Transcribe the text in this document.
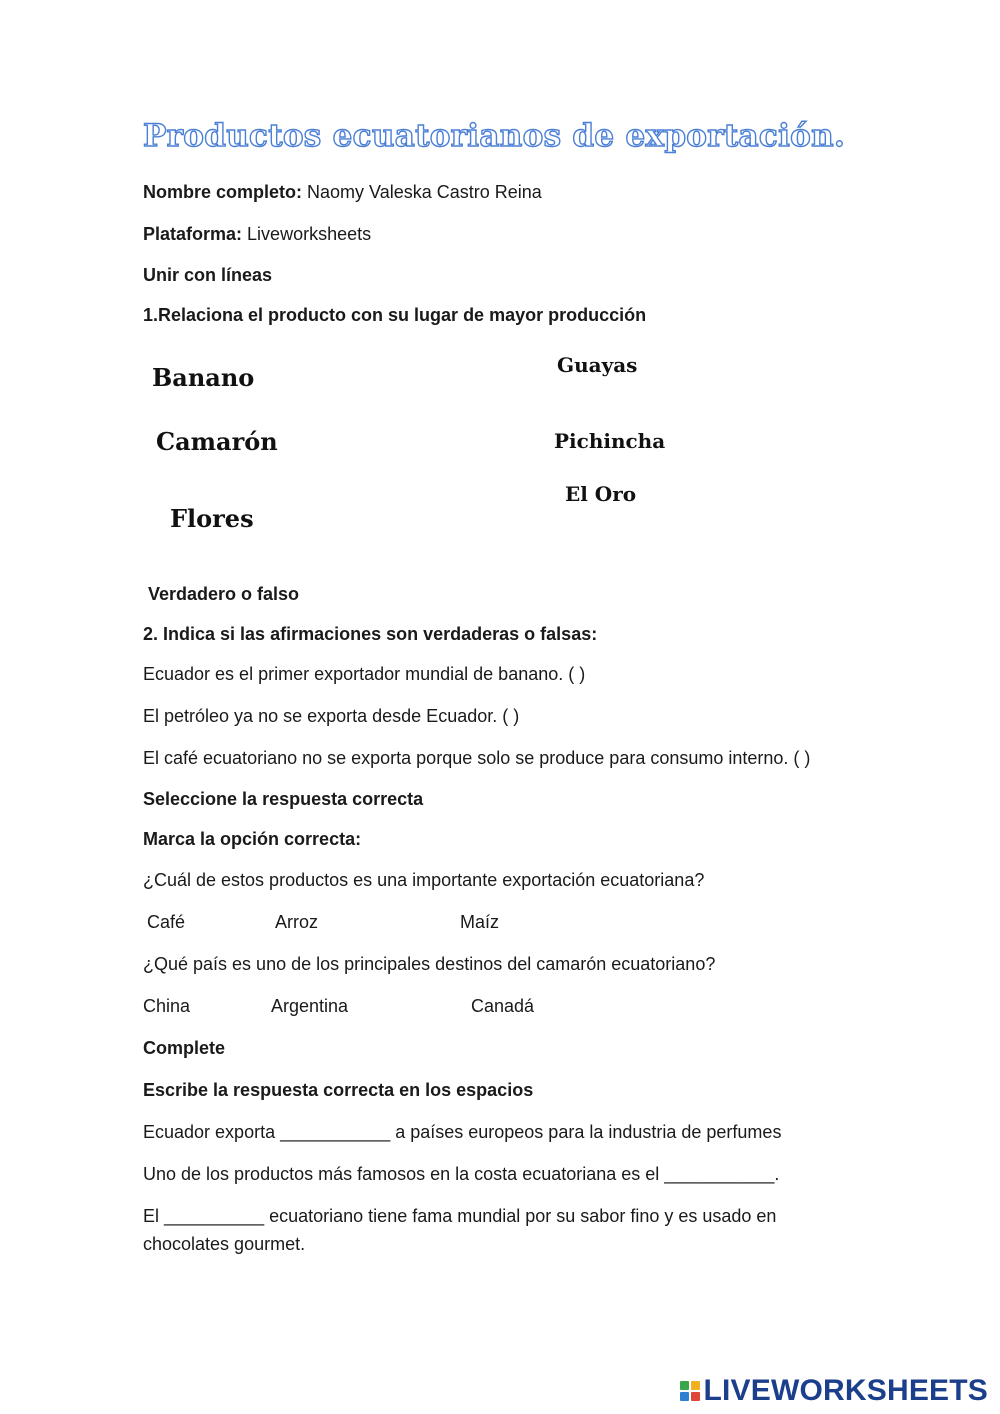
Productos ecuatorianos de exportación.
Nombre completo: Naomy Valeska Castro Reina
Plataforma: Liveworksheets
Unir con líneas
1.Relaciona el producto con su lugar de mayor producción
Banano
Camarón
Flores
Guayas
Pichincha
El Oro
Verdadero o falso
2. Indica si las afirmaciones son verdaderas o falsas:
Ecuador es el primer exportador mundial de banano. ( )
El petróleo ya no se exporta desde Ecuador. ( )
El café ecuatoriano no se exporta porque solo se produce para consumo interno. ( )
Seleccione la respuesta correcta
Marca la opción correcta:
¿Cuál de estos productos es una importante exportación ecuatoriana?
Café	Arroz	Maíz
¿Qué país es uno de los principales destinos del camarón ecuatoriano?
China	Argentina	Canadá
Complete
Escribe la respuesta correcta en los espacios
Ecuador exporta ___________ a países europeos para la industria de perfumes
Uno de los productos más famosos en la costa ecuatoriana es el ___________.
El __________ ecuatoriano tiene fama mundial por su sabor fino y es usado en
chocolates gourmet.
LIVEWORKSHEETS
